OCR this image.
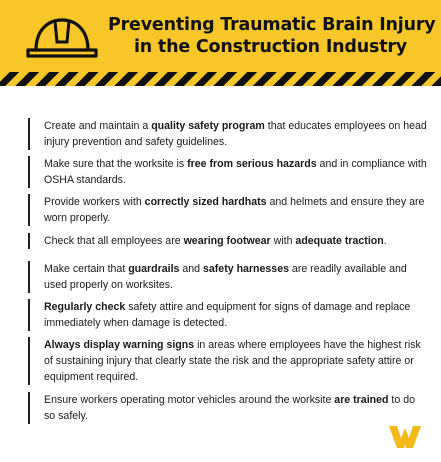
Preventing Traumatic Brain Injury
in the Construction Industry
Create and maintain a quality safety program that educates employees on head injury prevention and safety guidelines.
Make sure that the worksite is free from serious hazards and in compliance with OSHA standards.
Provide workers with correctly sized hardhats and helmets and ensure they are worn properly.
Check that all employees are wearing footwear with adequate traction.
Make certain that guardrails and safety harnesses are readily available and used properly on worksites.
Regularly check safety attire and equipment for signs of damage and replace immediately when damage is detected.
Always display warning signs in areas where employees have the highest risk of sustaining injury that clearly state the risk and the appropriate safety attire or equipment required.
Ensure workers operating motor vehicles around the worksite are trained to do so safely.
